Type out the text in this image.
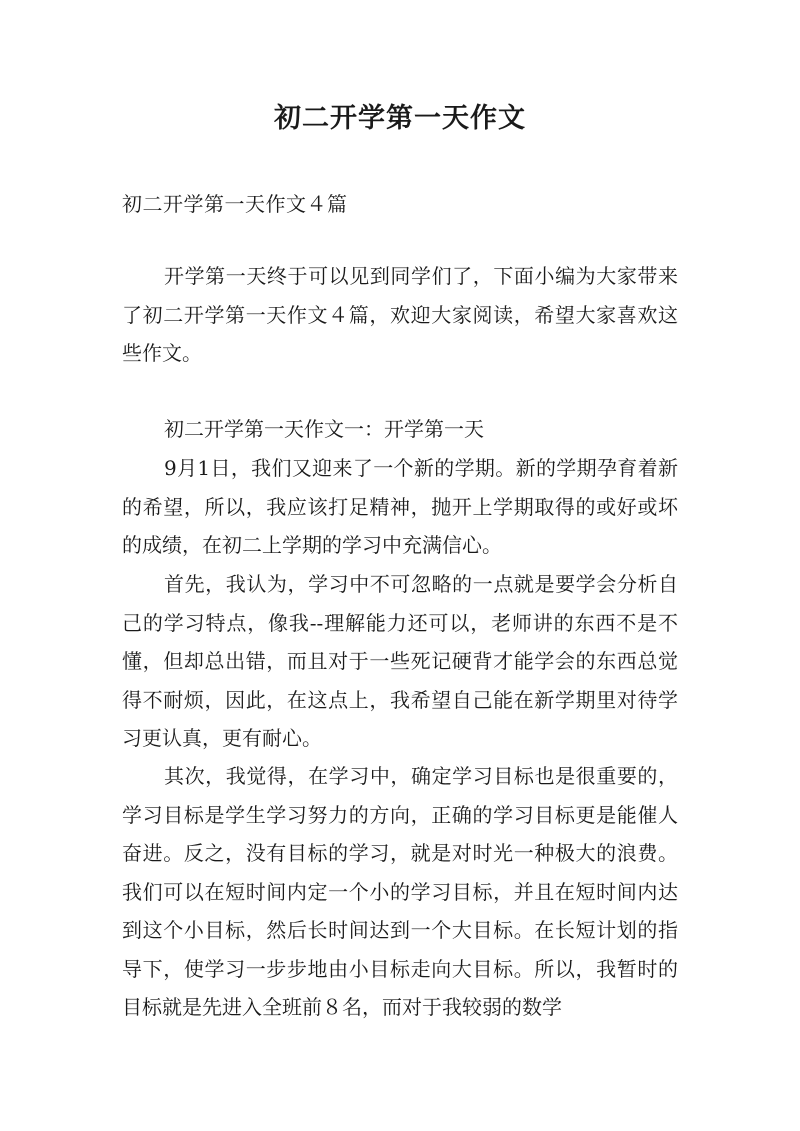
初二开学第一天作文

初二开学第一天作文４篇

开学第一天终于可以见到同学们了，下面小编为大家带来了初二开学第一天作文４篇，欢迎大家阅读，希望大家喜欢这些作文。

初二开学第一天作文一：开学第一天

9月1日，我们又迎来了一个新的学期。新的学期孕育着新的希望，所以，我应该打足精神，抛开上学期取得的或好或坏的成绩，在初二上学期的学习中充满信心。

首先，我认为，学习中不可忽略的一点就是要学会分析自己的学习特点，像我--理解能力还可以，老师讲的东西不是不懂，但却总出错，而且对于一些死记硬背才能学会的东西总觉得不耐烦，因此，在这点上，我希望自己能在新学期里对待学习更认真，更有耐心。

其次，我觉得，在学习中，确定学习目标也是很重要的，学习目标是学生学习努力的方向，正确的学习目标更是能催人奋进。反之，没有目标的学习，就是对时光一种极大的浪费。我们可以在短时间内定一个小的学习目标，并且在短时间内达到这个小目标，然后长时间达到一个大目标。在长短计划的指导下，使学习一步步地由小目标走向大目标。所以，我暂时的目标就是先进入全班前８名，而对于我较弱的数学
